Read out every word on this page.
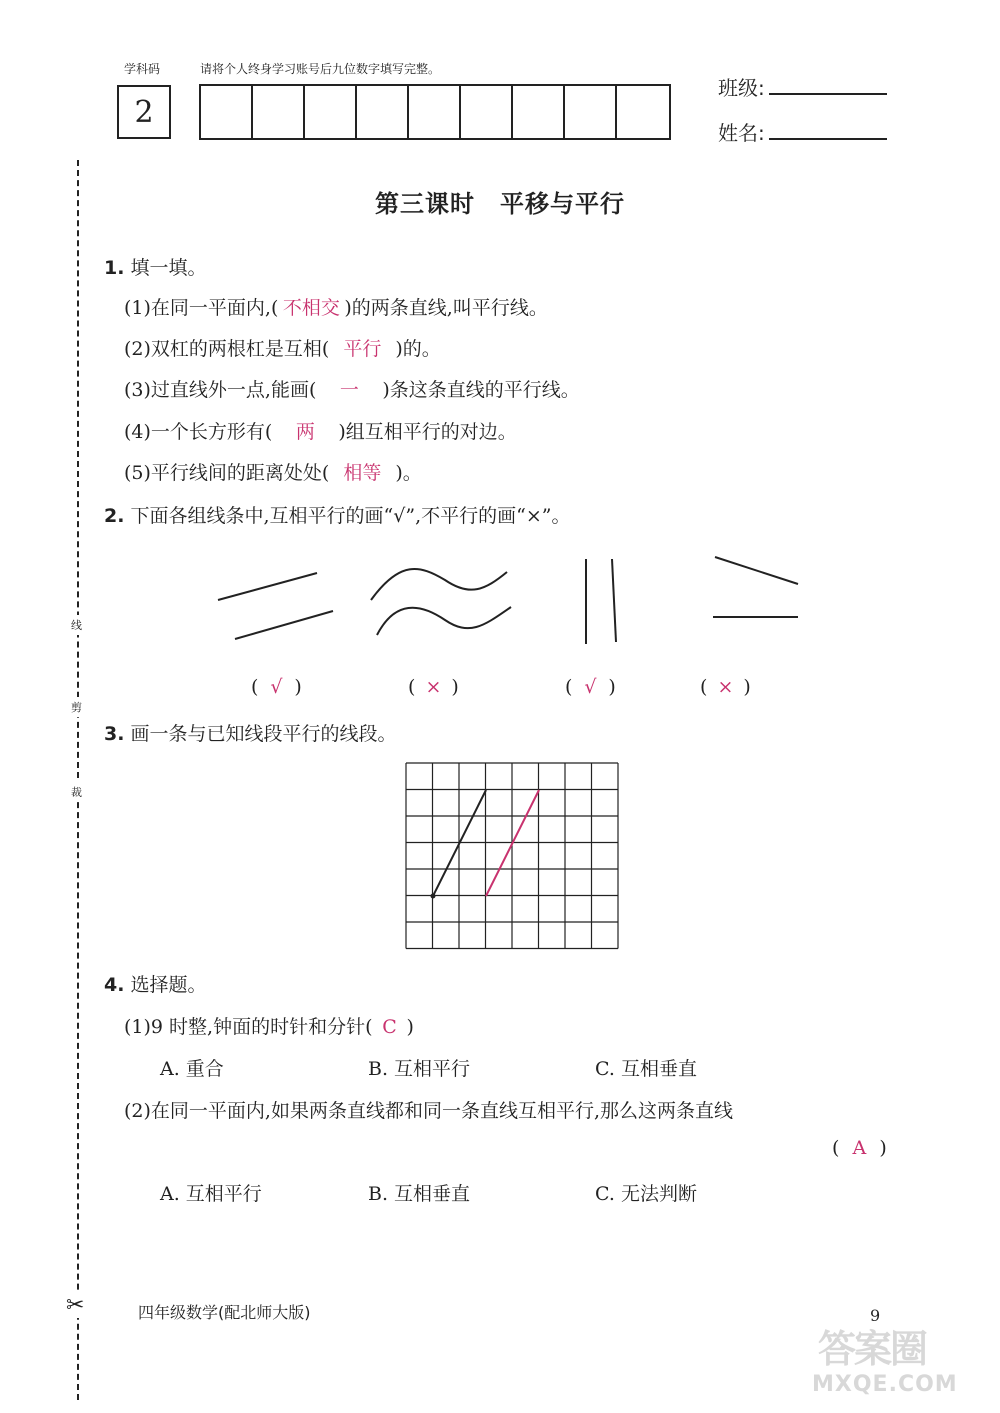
学科码
2
请将个人终身学习账号后九位数字填写完整。
班级:
姓名:
线
剪
裁
✂
第三课时　平移与平行
1. 填一填。
(1)在同一平面内,( 不相交 )的两条直线,叫平行线。
(2)双杠的两根杠是互相( 平行 )的。
(3)过直线外一点,能画( 一 )条这条直线的平行线。
(4)一个长方形有( 两 )组互相平行的对边。
(5)平行线间的距离处处( 相等 )。
2. 下面各组线条中,互相平行的画“√”,不平行的画“×”。
( √ )	( × )	( √ )	( × )
3. 画一条与已知线段平行的线段。
4. 选择题。
(1)9 时整,钟面的时针和分针( C )
A. 重合	B. 互相平行	C. 互相垂直
(2)在同一平面内,如果两条直线都和同一条直线互相平行,那么这两条直线
( A )
A. 互相平行	B. 互相垂直	C. 无法判断
四年级数学(配北师大版)	9
答案圈
MXQE.COM
